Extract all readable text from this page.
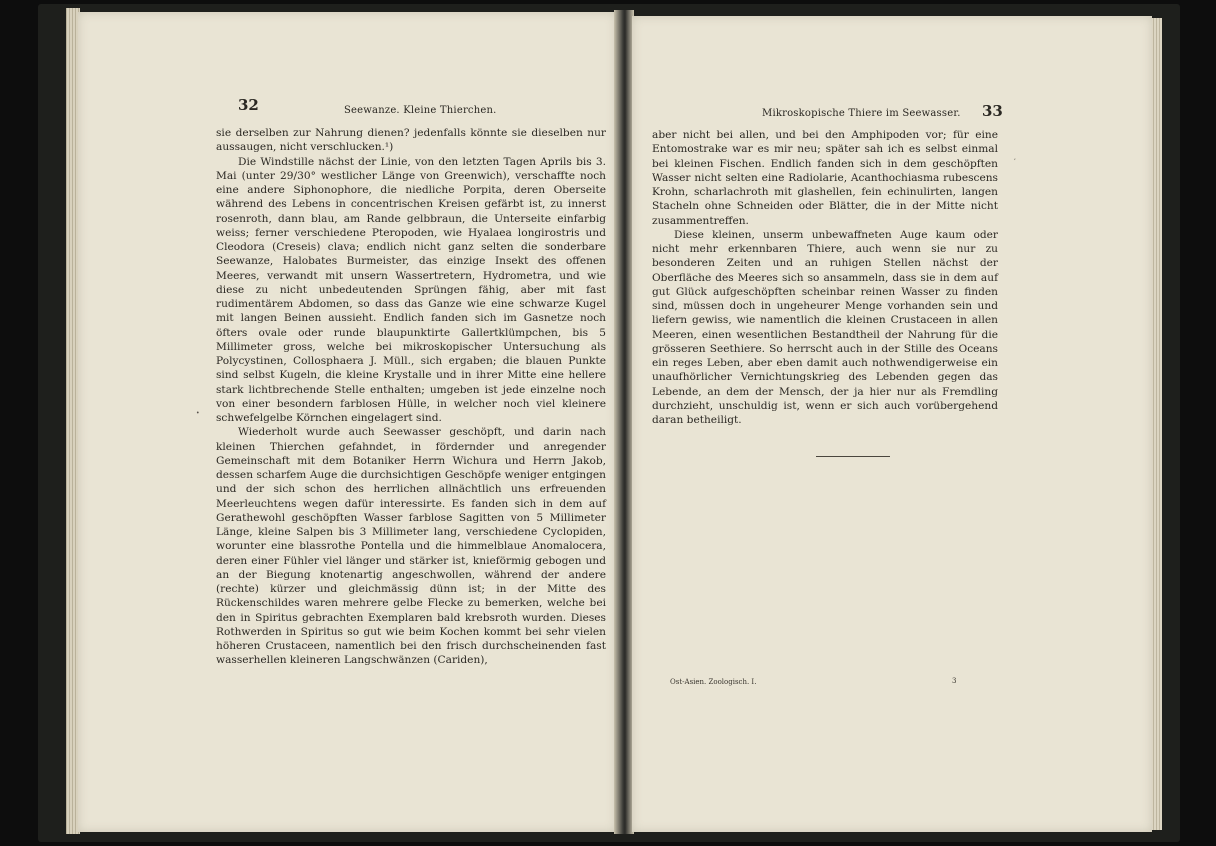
32	Seewanze. Kleine Thierchen.

sie derselben zur Nahrung dienen? jedenfalls könnte sie dieselben nur aussaugen, nicht verschlucken.¹)

Die Windstille nächst der Linie, von den letzten Tagen Aprils bis 3. Mai (unter 29/30° westlicher Länge von Greenwich), verschaffte noch eine andere Siphonophore, die niedliche Porpita, deren Oberseite während des Lebens in concentrischen Kreisen gefärbt ist, zu innerst rosenroth, dann blau, am Rande gelbbraun, die Unterseite einfarbig weiss; ferner verschiedene Pteropoden, wie Hyalaea longirostris und Cleodora (Creseis) clava; endlich nicht ganz selten die sonderbare Seewanze, Halobates Burmeister, das einzige Insekt des offenen Meeres, verwandt mit unsern Wassertretern, Hydrometra, und wie diese zu nicht unbedeutenden Sprüngen fähig, aber mit fast rudimentärem Abdomen, so dass das Ganze wie eine schwarze Kugel mit langen Beinen aussieht. Endlich fanden sich im Gasnetze noch öfters ovale oder runde blaupunktirte Gallertklümpchen, bis 5 Millimeter gross, welche bei mikroskopischer Untersuchung als Polycystinen, Collosphaera J. Müll., sich ergaben; die blauen Punkte sind selbst Kugeln, die kleine Krystalle und in ihrer Mitte eine hellere stark lichtbrechende Stelle enthalten; umgeben ist jede einzelne noch von einer besondern farblosen Hülle, in welcher noch viel kleinere schwefelgelbe Körnchen eingelagert sind.

Wiederholt wurde auch Seewasser geschöpft, und darin nach kleinen Thierchen gefahndet, in fördernder und anregender Gemeinschaft mit dem Botaniker Herrn Wichura und Herrn Jakob, dessen scharfem Auge die durchsichtigen Geschöpfe weniger entgingen und der sich schon des herrlichen allnächtlich uns erfreuenden Meerleuchtens wegen dafür interessirte. Es fanden sich in dem auf Gerathewohl geschöpften Wasser farblose Sagitten von 5 Millimeter Länge, kleine Salpen bis 3 Millimeter lang, verschiedene Cyclopiden, worunter eine blassrothe Pontella und die himmelblaue Anomalocera, deren einer Fühler viel länger und stärker ist, knieförmig gebogen und an der Biegung knotenartig angeschwollen, während der andere (rechte) kürzer und gleichmässig dünn ist; in der Mitte des Rückenschildes waren mehrere gelbe Flecke zu bemerken, welche bei den in Spiritus gebrachten Exemplaren bald krebsroth wurden. Dieses Rothwerden in Spiritus so gut wie beim Kochen kommt bei sehr vielen höheren Crustaceen, namentlich bei den frisch durchscheinenden fast wasserhellen kleineren Langschwänzen (Cariden),

•
Mikroskopische Thiere im Seewasser. 33

aber nicht bei allen, und bei den Amphipoden vor; für eine Entomostrake war es mir neu; später sah ich es selbst einmal bei kleinen Fischen. Endlich fanden sich in dem geschöpften Wasser nicht selten eine Radiolarie, Acanthochiasma rubescens Krohn, scharlachroth mit glashellen, fein echinulirten, langen Stacheln ohne Schneiden oder Blätter, die in der Mitte nicht zusammentreffen.

Diese kleinen, unserm unbewaffneten Auge kaum oder nicht mehr erkennbaren Thiere, auch wenn sie nur zu besonderen Zeiten und an ruhigen Stellen nächst der Oberfläche des Meeres sich so ansammeln, dass sie in dem auf gut Glück aufgeschöpften scheinbar reinen Wasser zu finden sind, müssen doch in ungeheurer Menge vorhanden sein und liefern gewiss, wie namentlich die kleinen Crustaceen in allen Meeren, einen wesentlichen Bestandtheil der Nahrung für die grösseren Seethiere. So herrscht auch in der Stille des Oceans ein reges Leben, aber eben damit auch nothwendigerweise ein unaufhörlicher Vernichtungskrieg des Lebenden gegen das Lebende, an dem der Mensch, der ja hier nur als Fremdling durchzieht, unschuldig ist, wenn er sich auch vorübergehend daran betheiligt.

Ost-Asien. Zoologisch. I.	3
,
